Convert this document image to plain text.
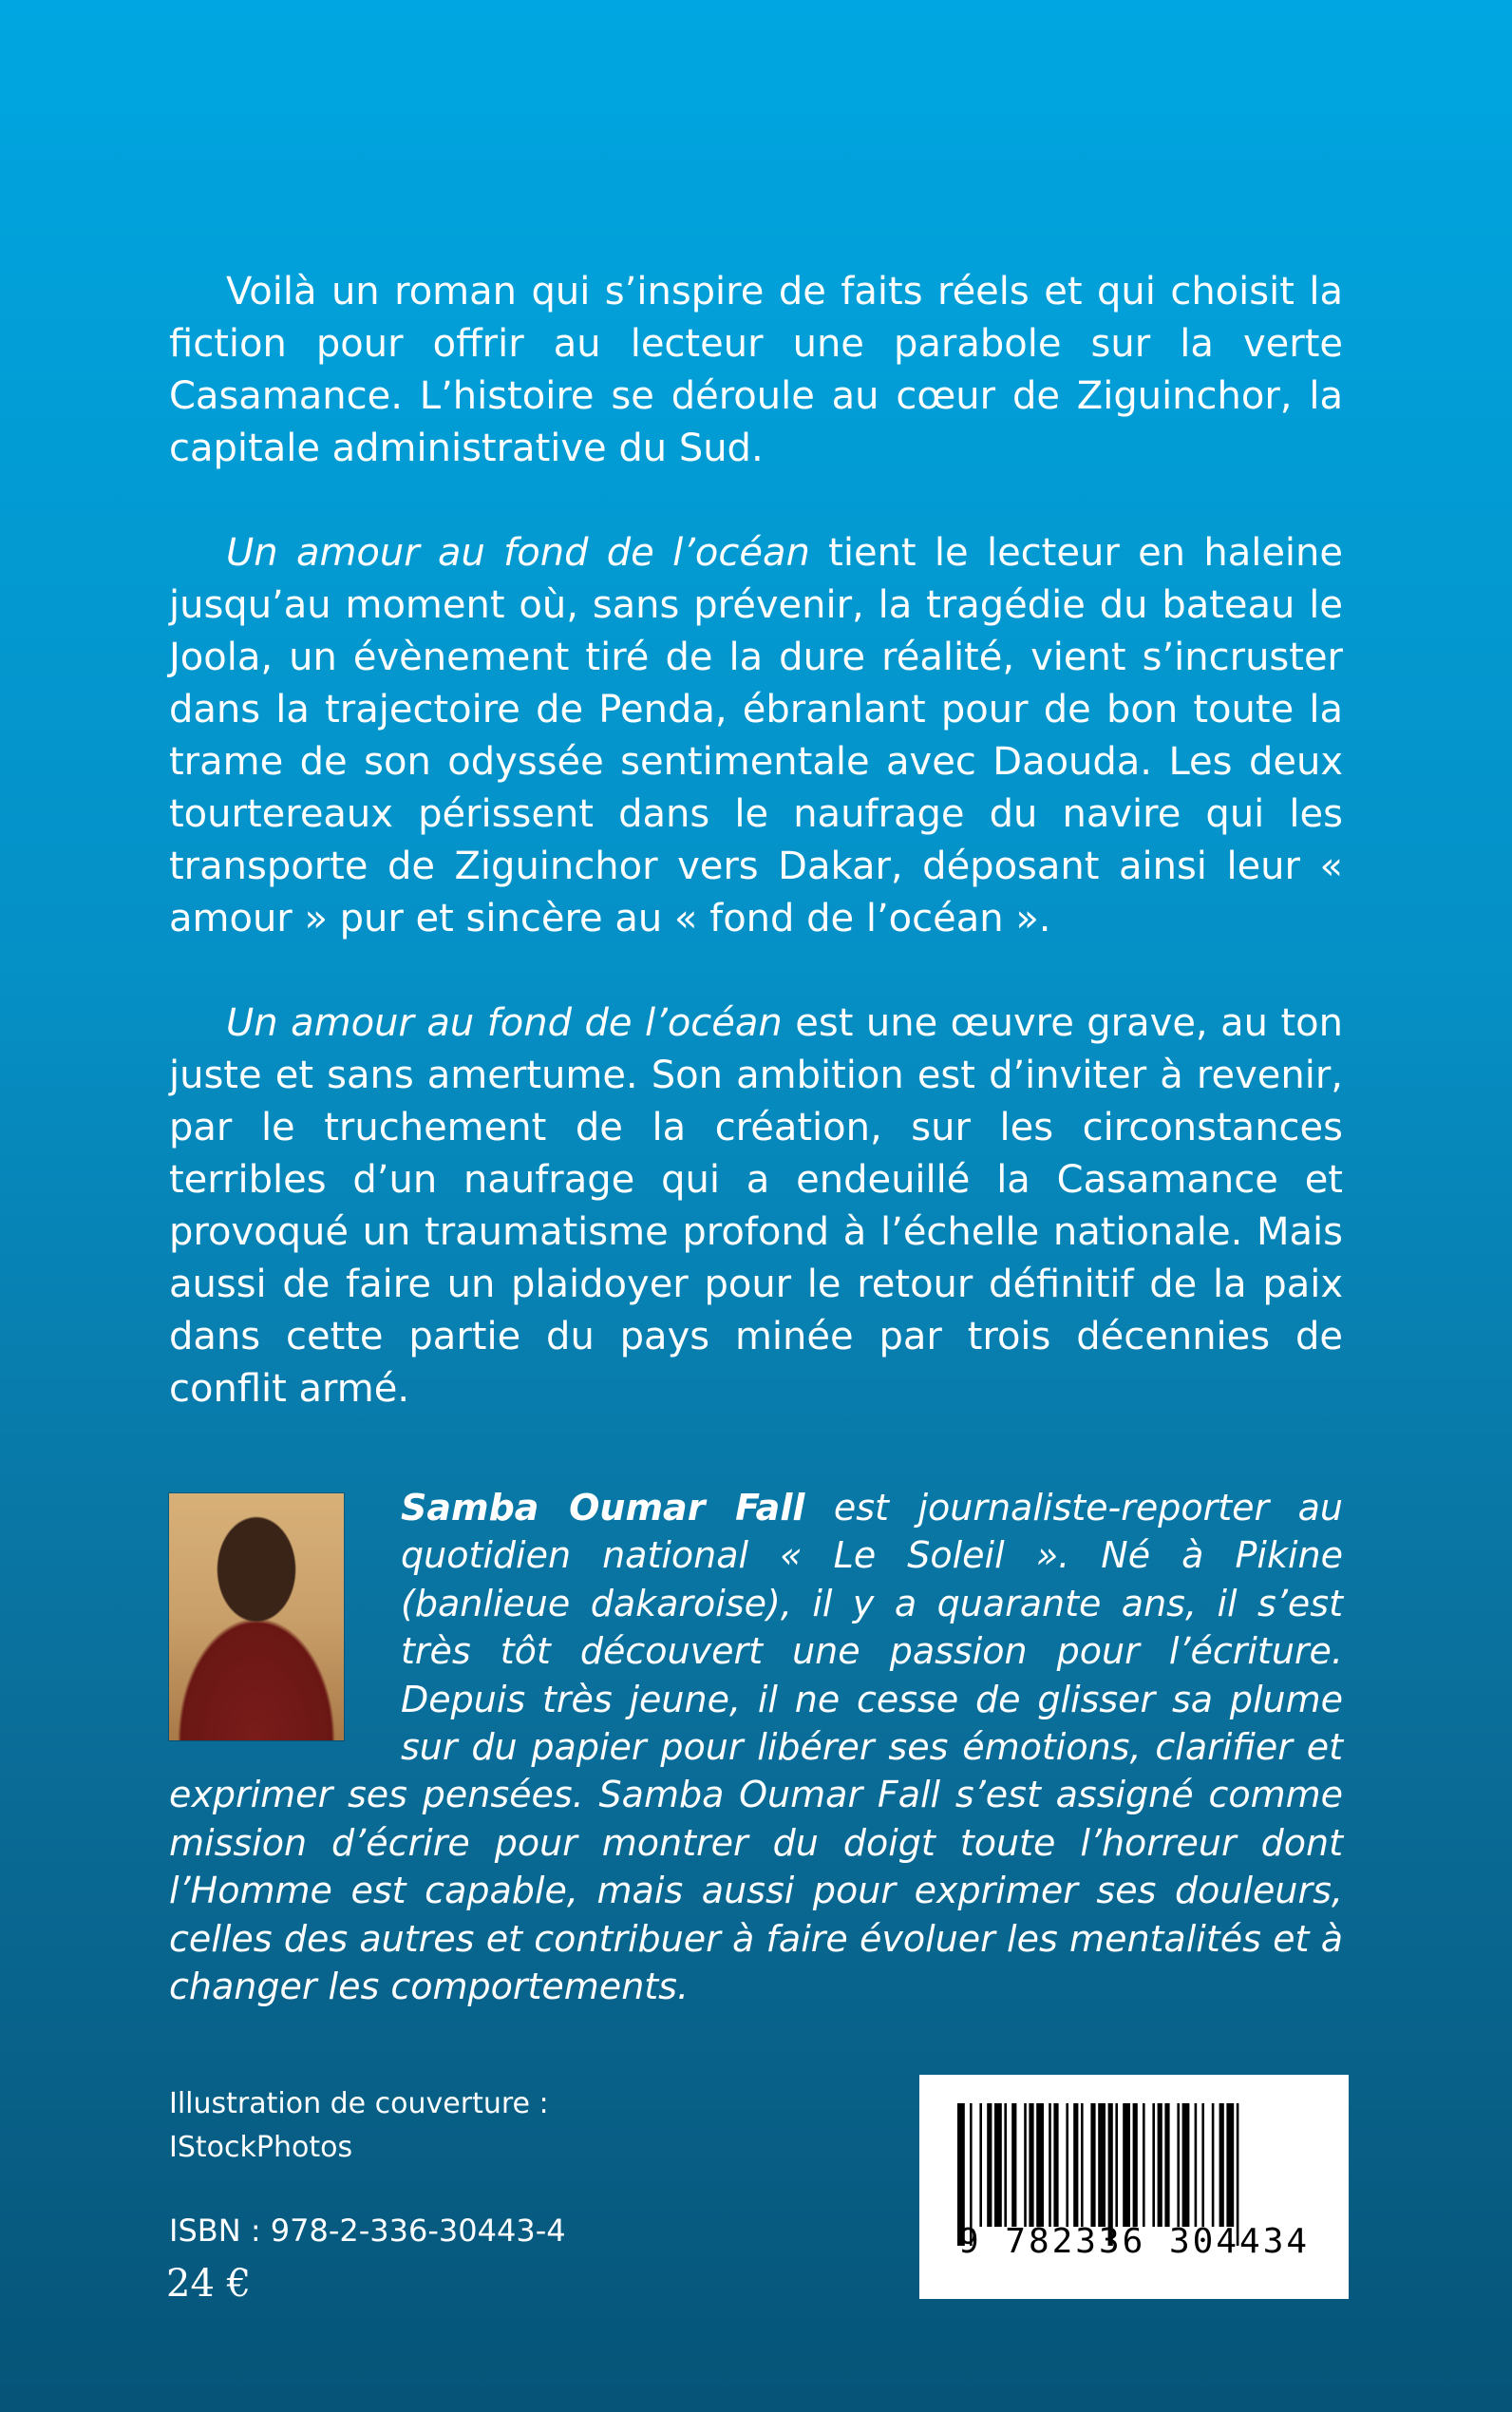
Voilà un roman qui s’inspire de faits réels et qui choisit la fiction pour offrir au lecteur une parabole sur la verte Casamance. L’histoire se déroule au cœur de Ziguinchor, la capitale administrative du Sud.

Un amour au fond de l’océan tient le lecteur en haleine jusqu’au moment où, sans prévenir, la tragédie du bateau le Joola, un évènement tiré de la dure réalité, vient s’incruster dans la trajectoire de Penda, ébranlant pour de bon toute la trame de son odyssée sentimentale avec Daouda. Les deux tourtereaux périssent dans le naufrage du navire qui les transporte de Ziguinchor vers Dakar, déposant ainsi leur « amour » pur et sincère au « fond de l’océan ».

Un amour au fond de l’océan est une œuvre grave, au ton juste et sans amertume. Son ambition est d’inviter à revenir, par le truchement de la création, sur les circonstances terribles d’un naufrage qui a endeuillé la Casamance et provoqué un traumatisme profond à l’échelle nationale. Mais aussi de faire un plaidoyer pour le retour définitif de la paix dans cette partie du pays minée par trois décennies de conflit armé.

Samba Oumar Fall est journaliste-reporter au quotidien national « Le Soleil ». Né à Pikine (banlieue dakaroise), il y a quarante ans, il s’est très tôt découvert une passion pour l’écriture. Depuis très jeune, il ne cesse de glisser sa plume sur du papier pour libérer ses émotions, clarifier et exprimer ses pensées. Samba Oumar Fall s’est assigné comme mission d’écrire pour montrer du doigt toute l’horreur dont l’Homme est capable, mais aussi pour exprimer ses douleurs, celles des autres et contribuer à faire évoluer les mentalités et à changer les comportements.

Illustration de couverture :
IStockPhotos
ISBN : 978-2-336-30443-4
24 €
9 782336 304434
